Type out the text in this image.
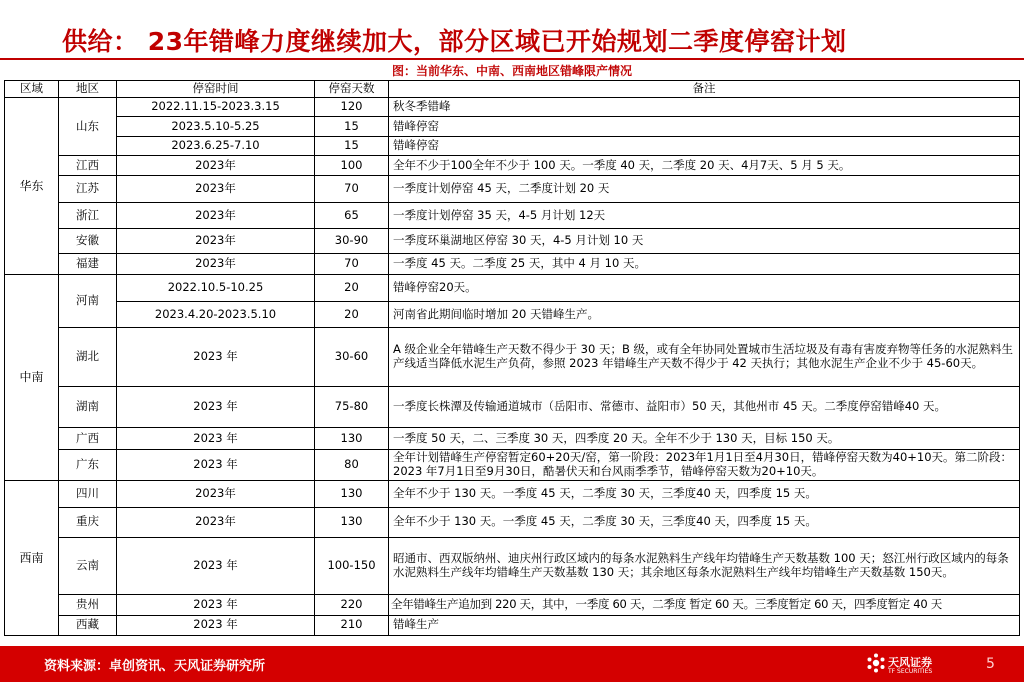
供给： 23年错峰力度继续加大，部分区域已开始规划二季度停窑计划
图：当前华东、中南、西南地区错峰限产情况
区域	地区	停窑时间	停窑天数	备注
华东	山东	2022.11.15-2023.3.15	120	秋冬季错峰
		2023.5.10-5.25	15	错峰停窑
		2023.6.25-7.10	15	错峰停窑
	江西	2023年	100	全年不少于100全年不少于 100 天。一季度 40 天，二季度 20 天、4月7天、5 月 5 天。
	江苏	2023年	70	一季度计划停窑 45 天，二季度计划 20 天
	浙江	2023年	65	一季度计划停窑 35 天，4-5 月计划 12天
	安徽	2023年	30-90	一季度环巢湖地区停窑 30 天，4-5 月计划 10 天
	福建	2023年	70	一季度 45 天。二季度 25 天，其中 4 月 10 天。
中南	河南	2022.10.5-10.25	20	错峰停窑20天。
		2023.4.20-2023.5.10	20	河南省此期间临时增加 20 天错峰生产。
	湖北	2023 年	30-60	A 级企业全年错峰生产天数不得少于 30 天；B 级，或有全年协同处置城市生活垃圾及有毒有害废弃物等任务的水泥熟料生产线适当降低水泥生产负荷，参照 2023 年错峰生产天数不得少于 42 天执行；其他水泥生产企业不少于 45-60天。
	湖南	2023 年	75-80	一季度长株潭及传输通道城市（岳阳市、常德市、益阳市）50 天，其他州市 45 天。二季度停窑错峰40 天。
	广西	2023 年	130	一季度 50 天，二、三季度 30 天，四季度 20 天。全年不少于 130 天，目标 150 天。
	广东	2023 年	80	全年计划错峰生产停窑暂定60+20天/窑，第一阶段：2023年1月1日至4月30日，错峰停窑天数为40+10天。第二阶段：2023 年7月1日至9月30日，酷暑伏天和台风雨季季节，错峰停窑天数为20+10天。
西南	四川	2023年	130	全年不少于 130 天。一季度 45 天，二季度 30 天，三季度40 天，四季度 15 天。
	重庆	2023年	130	全年不少于 130 天。一季度 45 天，二季度 30 天，三季度40 天，四季度 15 天。
	云南	2023 年	100-150	昭通市、西双版纳州、迪庆州行政区域内的每条水泥熟料生产线年均错峰生产天数基数 100 天；怒江州行政区域内的每条水泥熟料生产线年均错峰生产天数基数 130 天；其余地区每条水泥熟料生产线年均错峰生产天数基数 150天。
	贵州	2023 年	220	全年错峰生产追加到 220 天，其中，一季度 60 天，二季度 暂定 60 天。三季度暂定 60 天，四季度暂定 40 天
	西藏	2023 年	210	错峰生产
资料来源：卓创资讯、天风证券研究所	天风证券
TF SECURITIES	5
